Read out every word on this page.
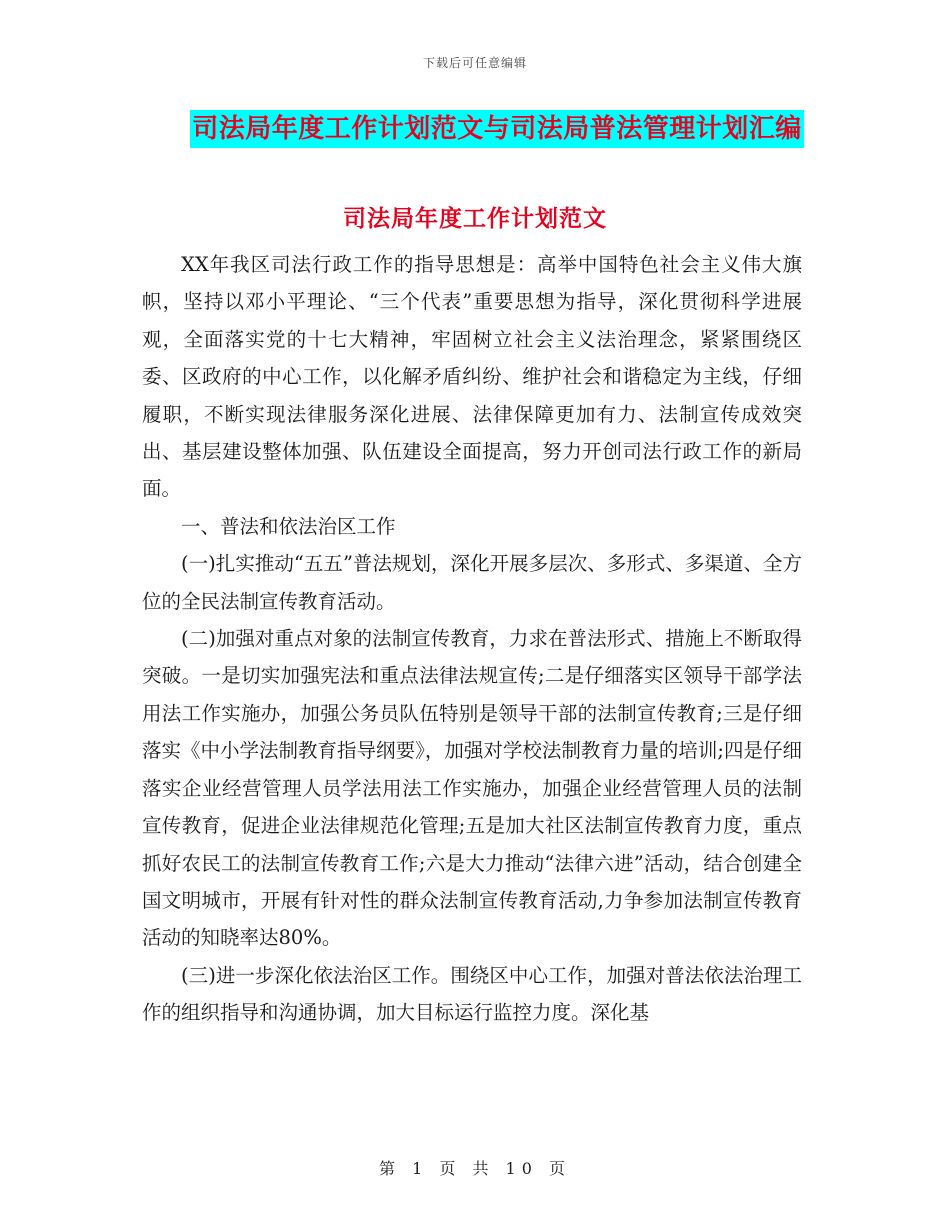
下载后可任意编辑
司法局年度工作计划范文与司法局普法管理计划汇编
司法局年度工作计划范文

XX年我区司法行政工作的指导思想是：高举中国特色社会主义伟大旗帜，坚持以邓小平理论、“三个代表”重要思想为指导，深化贯彻科学进展观，全面落实党的十七大精神，牢固树立社会主义法治理念，紧紧围绕区委、区政府的中心工作，以化解矛盾纠纷、维护社会和谐稳定为主线，仔细履职，不断实现法律服务深化进展、法律保障更加有力、法制宣传成效突出、基层建设整体加强、队伍建设全面提高，努力开创司法行政工作的新局面。

一、普法和依法治区工作

(一)扎实推动“五五”普法规划，深化开展多层次、多形式、多渠道、全方位的全民法制宣传教育活动。

(二)加强对重点对象的法制宣传教育，力求在普法形式、措施上不断取得突破。一是切实加强宪法和重点法律法规宣传;二是仔细落实区领导干部学法用法工作实施办，加强公务员队伍特别是领导干部的法制宣传教育;三是仔细落实《中小学法制教育指导纲要》，加强对学校法制教育力量的培训;四是仔细落实企业经营管理人员学法用法工作实施办，加强企业经营管理人员的法制宣传教育，促进企业法律规范化管理;五是加大社区法制宣传教育力度，重点抓好农民工的法制宣传教育工作;六是大力推动“法律六进”活动，结合创建全国文明城市，开展有针对性的群众法制宣传教育活动,力争参加法制宣传教育活动的知晓率达80%。

(三)进一步深化依法治区工作。围绕区中心工作，加强对普法依法治理工作的组织指导和沟通协调，加大目标运行监控力度。深化基

第 1 页 共 10 页
